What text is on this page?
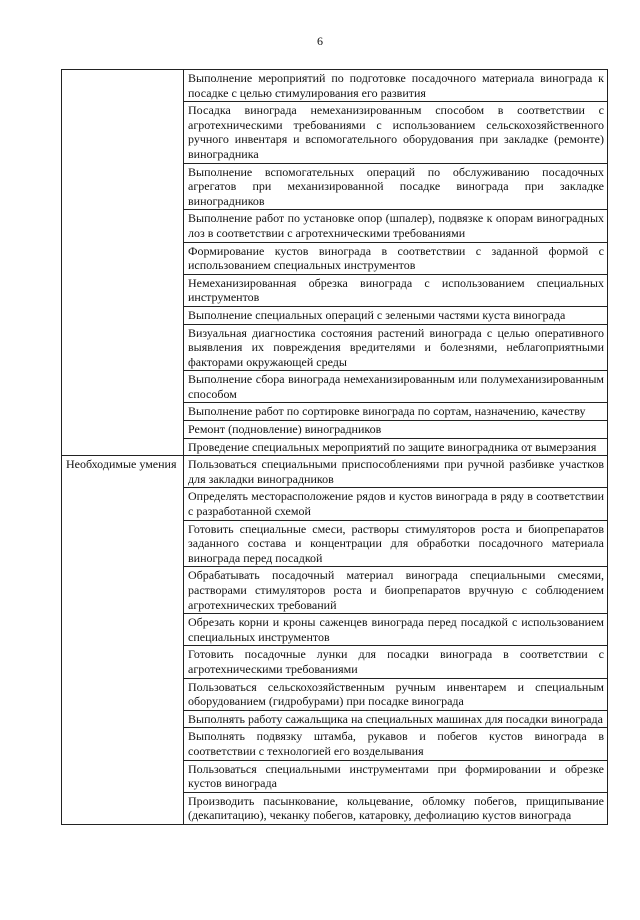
6
	Выполнение мероприятий по подготовке посадочного материала винограда к посадке с целью стимулирования его развития
	Посадка винограда немеханизированным способом в соответствии с агротехническими требованиями с использованием сельскохозяйственного ручного инвентаря и вспомогательного оборудования при закладке (ремонте) виноградника
	Выполнение вспомогательных операций по обслуживанию посадочных агрегатов при механизированной посадке винограда при закладке виноградников
	Выполнение работ по установке опор (шпалер), подвязке к опорам виноградных лоз в соответствии с агротехническими требованиями
	Формирование кустов винограда в соответствии с заданной формой с использованием специальных инструментов
	Немеханизированная обрезка винограда с использованием специальных инструментов
	Выполнение специальных операций с зелеными частями куста винограда
	Визуальная диагностика состояния растений винограда с целью оперативного выявления их повреждения вредителями и болезнями, неблагоприятными факторами окружающей среды
	Выполнение сбора винограда немеханизированным или полумеханизированным способом
	Выполнение работ по сортировке винограда по сортам, назначению, качеству
	Ремонт (подновление) виноградников
	Проведение специальных мероприятий по защите виноградника от вымерзания
Необходимые умения	Пользоваться специальными приспособлениями при ручной разбивке участков для закладки виноградников
	Определять месторасположение рядов и кустов винограда в ряду в соответствии с разработанной схемой
	Готовить специальные смеси, растворы стимуляторов роста и биопрепаратов заданного состава и концентрации для обработки посадочного материала винограда перед посадкой
	Обрабатывать посадочный материал винограда специальными смесями, растворами стимуляторов роста и биопрепаратов вручную с соблюдением агротехнических требований
	Обрезать корни и кроны саженцев винограда перед посадкой с использованием специальных инструментов
	Готовить посадочные лунки для посадки винограда в соответствии с агротехническими требованиями
	Пользоваться сельскохозяйственным ручным инвентарем и специальным оборудованием (гидробурами) при посадке винограда
	Выполнять работу сажальщика на специальных машинах для посадки винограда
	Выполнять подвязку штамба, рукавов и побегов кустов винограда в соответствии с технологией его возделывания
	Пользоваться специальными инструментами при формировании и обрезке кустов винограда
	Производить пасынкование, кольцевание, обломку побегов, прищипывание (декапитацию), чеканку побегов, катаровку, дефолиацию кустов винограда
